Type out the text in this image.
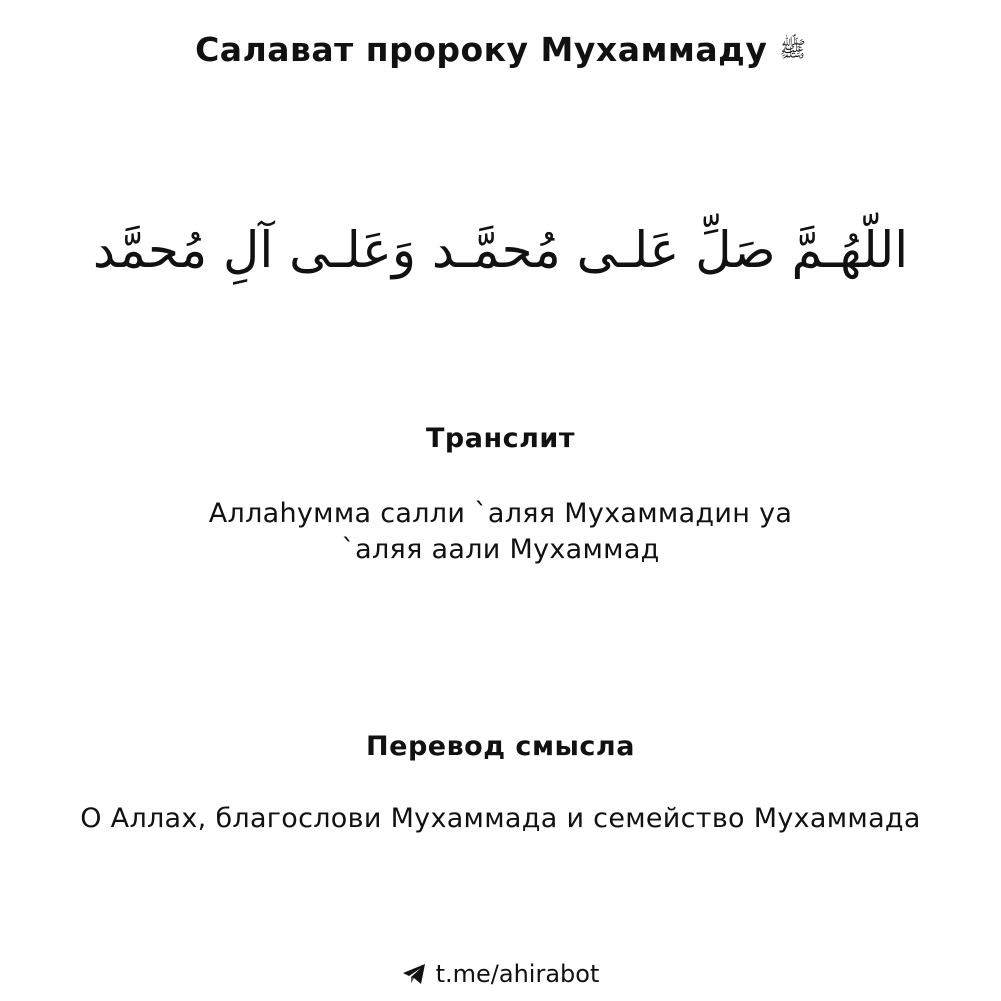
Салават пророку Мухаммаду ﷺ
اللّهُـمَّ صَلِّ عَلـى مُحمَّـد وَعَلـى آلِ مُحمَّد
Транслит
Аллаhумма салли `аляя Мухаммадин уа
`аляя аали Мухаммад
Перевод смысла
О Аллах, благослови Мухаммада и семейство Мухаммада
t.me/ahirabot
